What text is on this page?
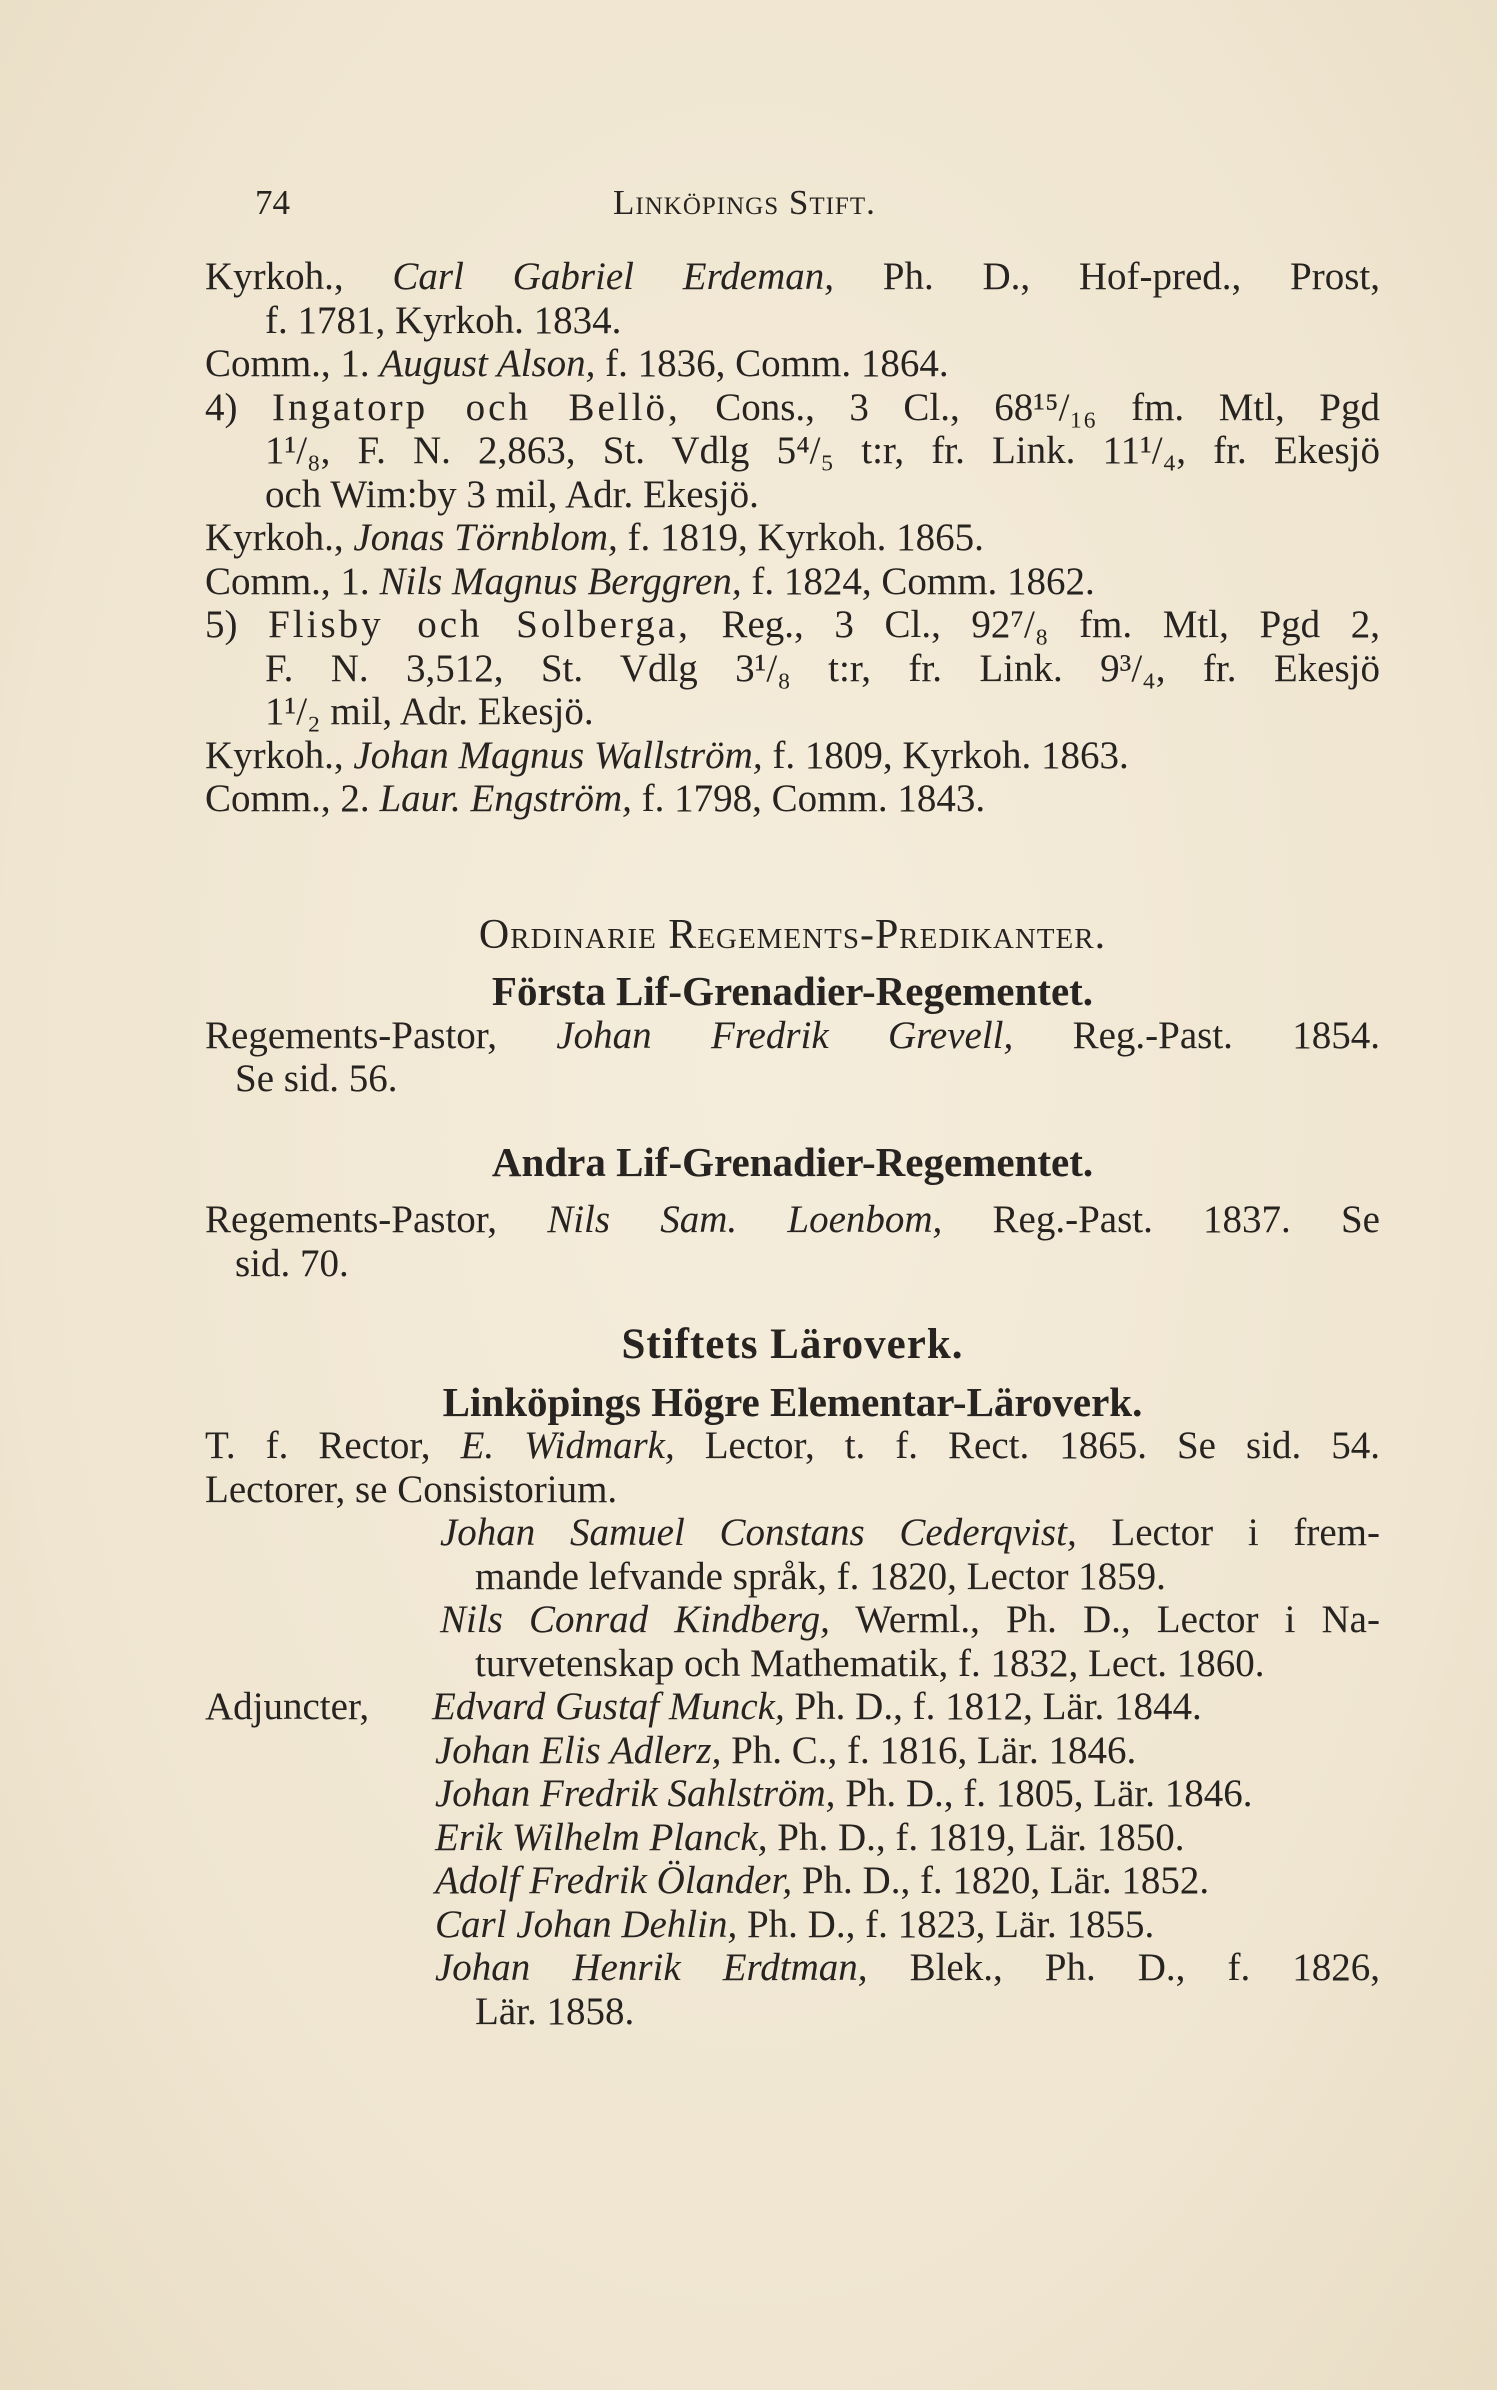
74	Linköpings Stift.
Kyrkoh., Carl Gabriel Erdeman, Ph. D., Hof-pred., Prost,
f. 1781, Kyrkoh. 1834.
Comm., 1. August Alson, f. 1836, Comm. 1864.
4) Ingatorp och Bellö, Cons., 3 Cl., 68¹⁵/₁₆ fm. Mtl, Pgd
1¹/₈, F. N. 2,863, St. Vdlg 5⁴/₅ t:r, fr. Link. 11¹/₄, fr. Ekesjö
och Wim:by 3 mil, Adr. Ekesjö.
Kyrkoh., Jonas Törnblom, f. 1819, Kyrkoh. 1865.
Comm., 1. Nils Magnus Berggren, f. 1824, Comm. 1862.
5) Flisby och Solberga, Reg., 3 Cl., 92⁷/₈ fm. Mtl, Pgd 2,
F. N. 3,512, St. Vdlg 3¹/₈ t:r, fr. Link. 9³/₄, fr. Ekesjö
1¹/₂ mil, Adr. Ekesjö.
Kyrkoh., Johan Magnus Wallström, f. 1809, Kyrkoh. 1863.
Comm., 2. Laur. Engström, f. 1798, Comm. 1843.
Ordinarie Regements-Predikanter.
Första Lif-Grenadier-Regementet.
Regements-Pastor, Johan Fredrik Grevell, Reg.-Past. 1854.
Se sid. 56.
Andra Lif-Grenadier-Regementet.
Regements-Pastor, Nils Sam. Loenbom, Reg.-Past. 1837. Se
sid. 70.
Stiftets Läroverk.
Linköpings Högre Elementar-Läroverk.
T. f. Rector, E. Widmark, Lector, t. f. Rect. 1865. Se sid. 54.
Lectorer, se Consistorium.
Johan Samuel Constans Cederqvist, Lector i frem-
mande lefvande språk, f. 1820, Lector 1859.
Nils Conrad Kindberg, Werml., Ph. D., Lector i Na-
turvetenskap och Mathematik, f. 1832, Lect. 1860.
Adjuncter, Edvard Gustaf Munck, Ph. D., f. 1812, Lär. 1844.
Johan Elis Adlerz, Ph. C., f. 1816, Lär. 1846.
Johan Fredrik Sahlström, Ph. D., f. 1805, Lär. 1846.
Erik Wilhelm Planck, Ph. D., f. 1819, Lär. 1850.
Adolf Fredrik Ölander, Ph. D., f. 1820, Lär. 1852.
Carl Johan Dehlin, Ph. D., f. 1823, Lär. 1855.
Johan Henrik Erdtman, Blek., Ph. D., f. 1826,
Lär. 1858.
